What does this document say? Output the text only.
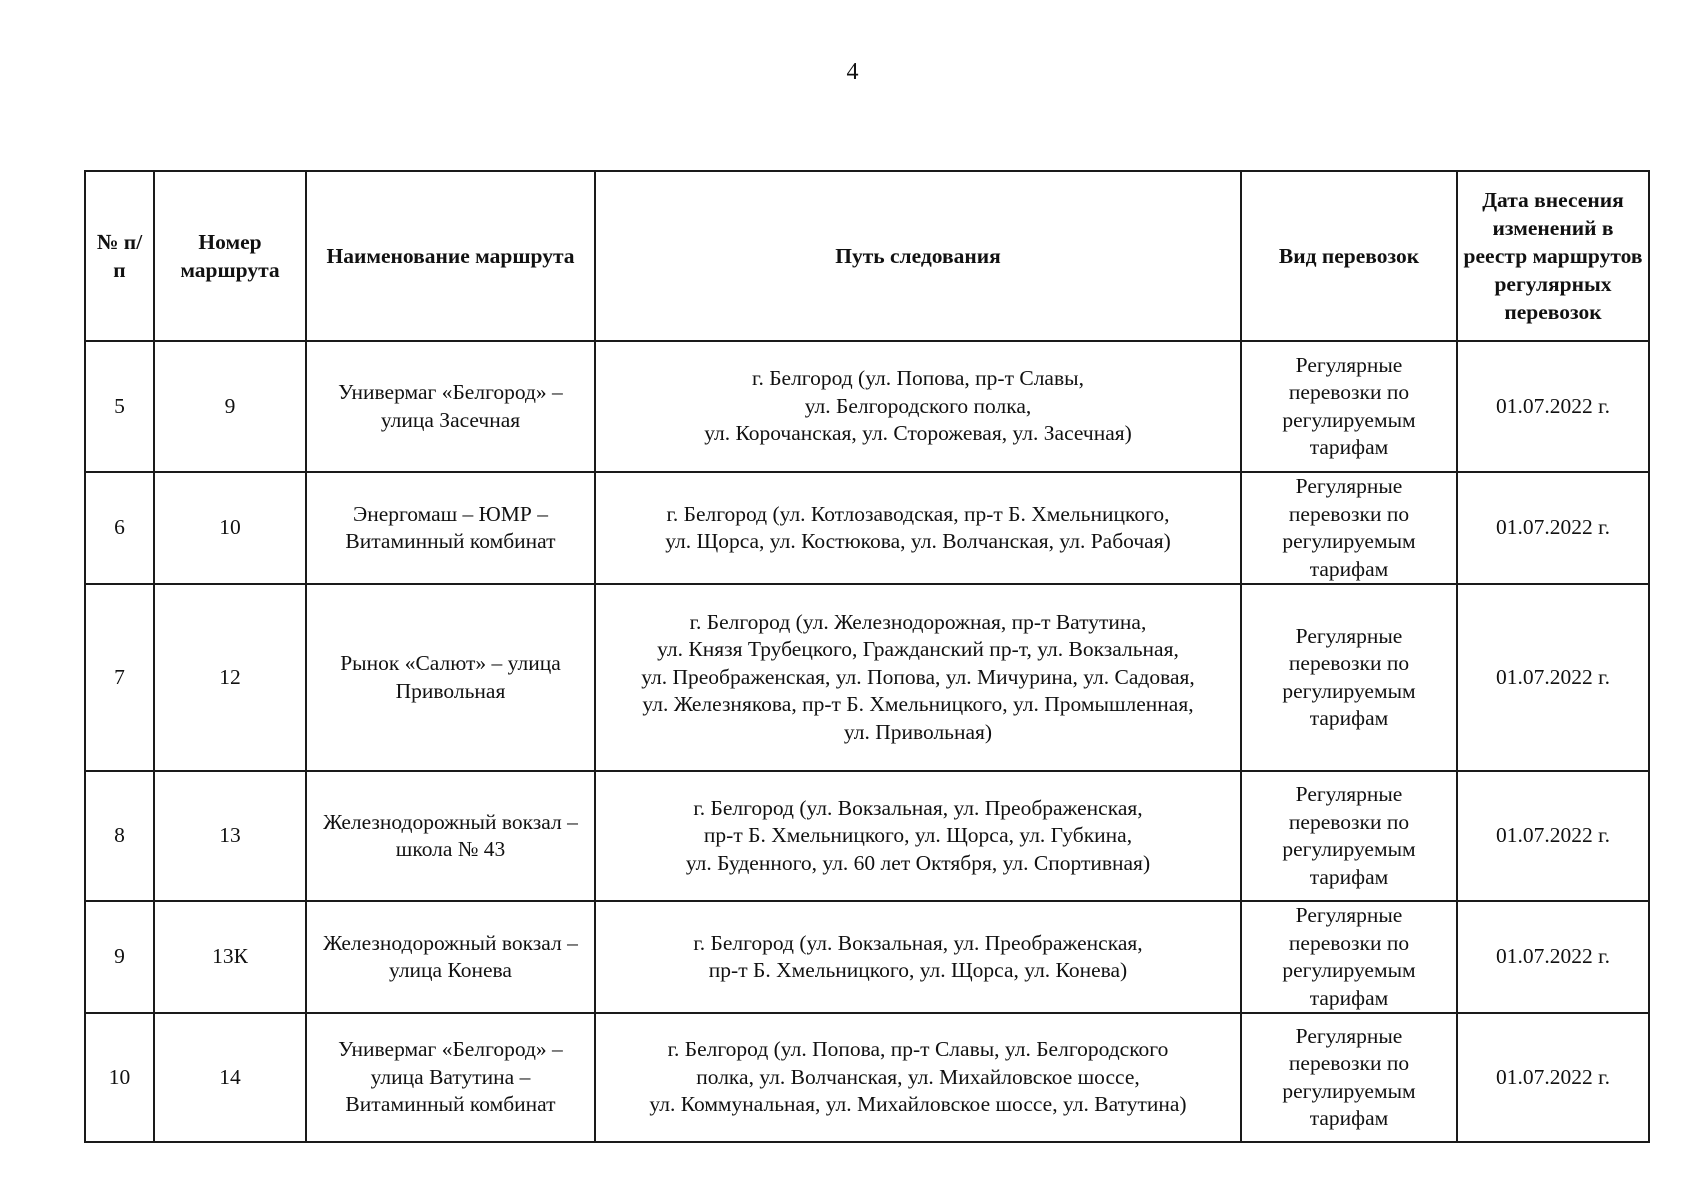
4
№ п/п	Номер маршрута	Наименование маршрута	Путь следования	Вид перевозок	Дата внесения изменений в реестр маршрутов регулярных перевозок
5	9	Универмаг «Белгород» – улица Засечная	г. Белгород (ул. Попова, пр-т Славы,
ул. Белгородского полка,
ул. Корочанская, ул. Сторожевая, ул. Засечная)	Регулярные перевозки по регулируемым тарифам	01.07.2022 г.
6	10	Энергомаш – ЮМР – Витаминный комбинат	г. Белгород (ул. Котлозаводская, пр-т Б. Хмельницкого,
ул. Щорса, ул. Костюкова, ул. Волчанская, ул. Рабочая)	Регулярные перевозки по регулируемым тарифам	01.07.2022 г.
7	12	Рынок «Салют» – улица Привольная	г. Белгород (ул. Железнодорожная, пр-т Ватутина,
ул. Князя Трубецкого, Гражданский пр-т, ул. Вокзальная,
ул. Преображенская, ул. Попова, ул. Мичурина, ул. Садовая,
ул. Железнякова, пр-т Б. Хмельницкого, ул. Промышленная,
ул. Привольная)	Регулярные перевозки по регулируемым тарифам	01.07.2022 г.
8	13	Железнодорожный вокзал – школа № 43	г. Белгород (ул. Вокзальная, ул. Преображенская,
пр-т Б. Хмельницкого, ул. Щорса, ул. Губкина,
ул. Буденного, ул. 60 лет Октября, ул. Спортивная)	Регулярные перевозки по регулируемым тарифам	01.07.2022 г.
9	13К	Железнодорожный вокзал – улица Конева	г. Белгород (ул. Вокзальная, ул. Преображенская,
пр-т Б. Хмельницкого, ул. Щорса, ул. Конева)	Регулярные перевозки по регулируемым тарифам	01.07.2022 г.
10	14	Универмаг «Белгород» – улица Ватутина – Витаминный комбинат	г. Белгород (ул. Попова, пр-т Славы, ул. Белгородского
полка, ул. Волчанская, ул. Михайловское шоссе,
ул. Коммунальная, ул. Михайловское шоссе, ул. Ватутина)	Регулярные перевозки по регулируемым тарифам	01.07.2022 г.
